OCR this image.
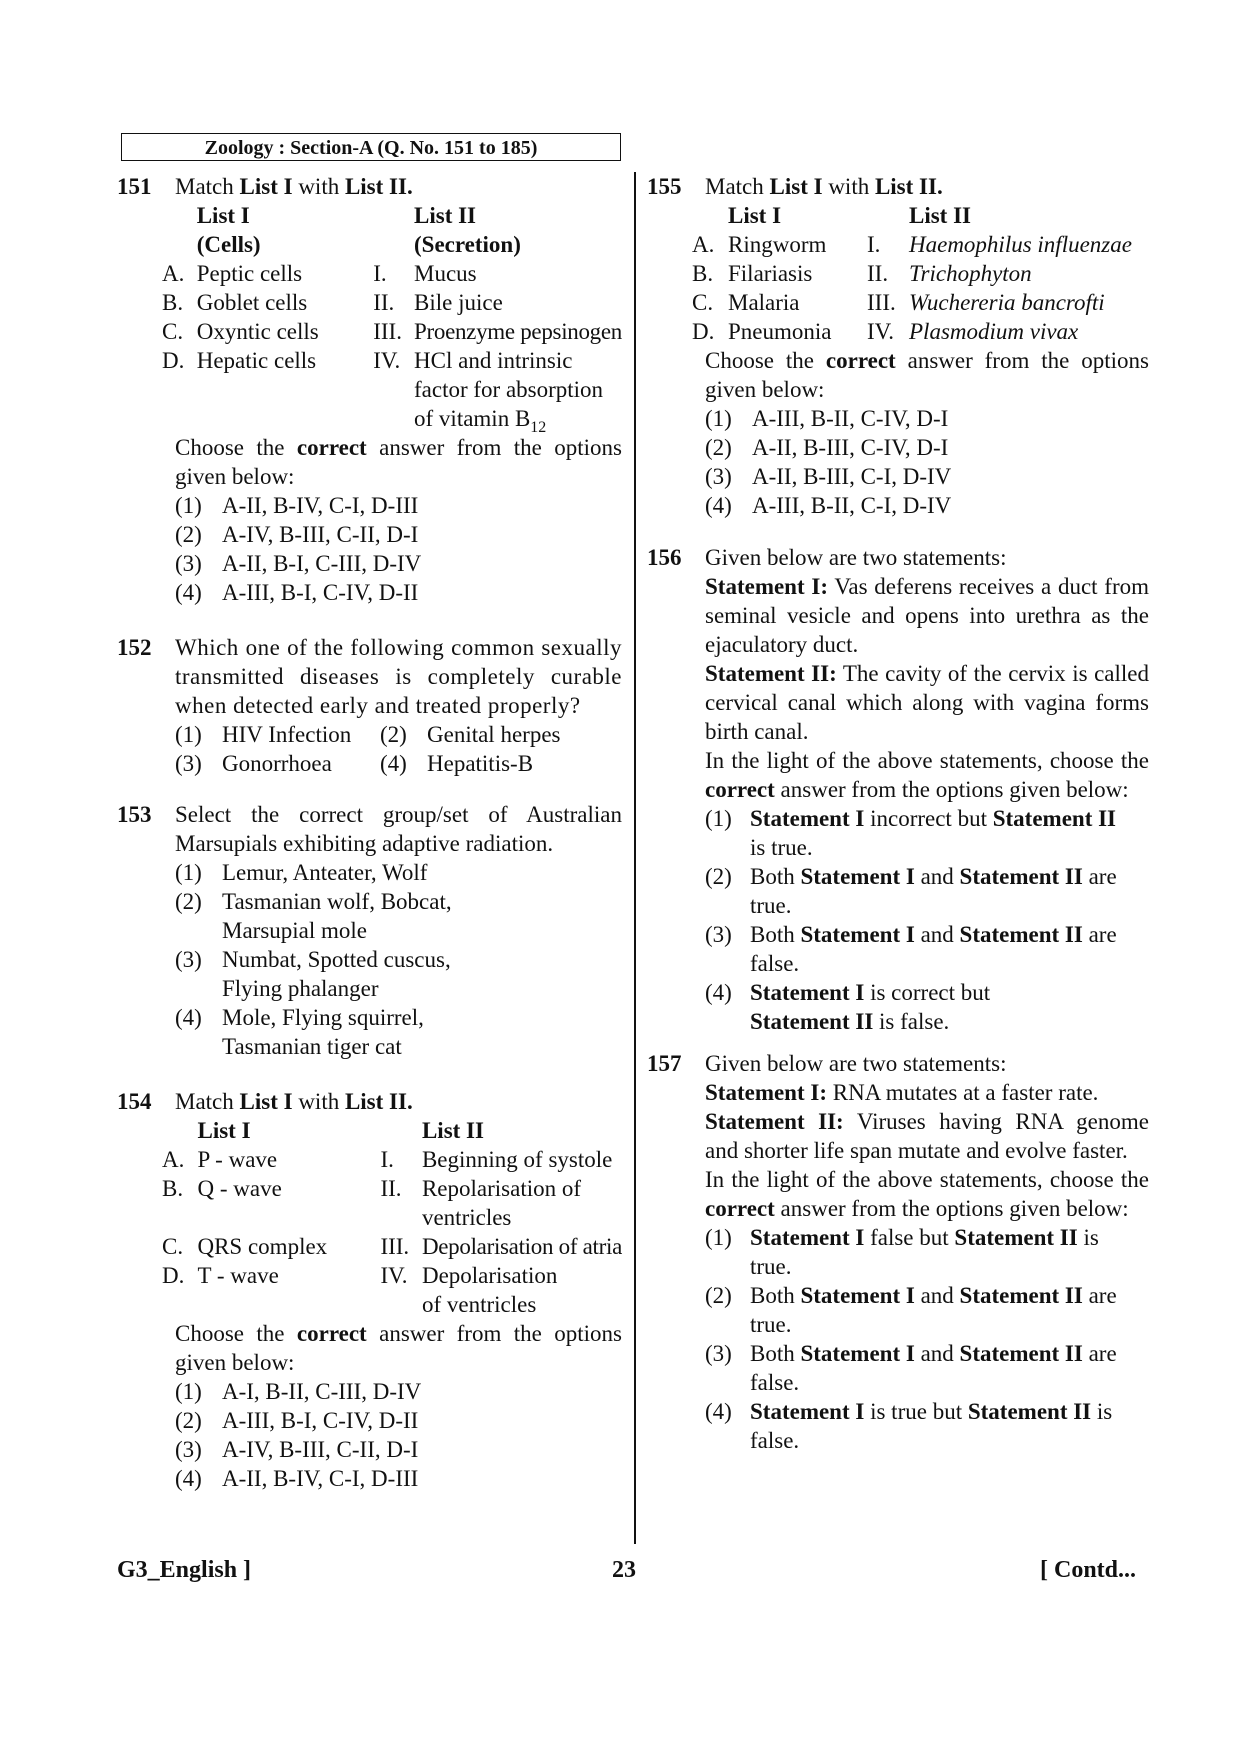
Zoology : Section-A (Q. No. 151 to 185)
151 Match List I with List II.
	List I		List II
	(Cells)		(Secretion)
A.	Peptic cells	I.	Mucus
B.	Goblet cells	II.	Bile juice
C.	Oxyntic cells	III.	Proenzyme pepsinogen
D.	Hepatic cells	IV.	HCl and intrinsic factor for absorption of vitamin $B_{12}$
Choose the correct answer from the options given below:
(1) A-II, B-IV, C-I, D-III
(2) A-IV, B-III, C-II, D-I
(3) A-II, B-I, C-III, D-IV
(4) A-III, B-I, C-IV, D-II
152 Which one of the following common sexually transmitted diseases is completely curable when detected early and treated properly?
(1) HIV Infection	(2) Genital herpes
(3) Gonorrhoea	(4) Hepatitis-B
153 Select the correct group/set of Australian Marsupials exhibiting adaptive radiation.
(1) Lemur, Anteater, Wolf
(2) Tasmanian wolf, Bobcat, Marsupial mole
(3) Numbat, Spotted cuscus, Flying phalanger
(4) Mole, Flying squirrel, Tasmanian tiger cat
154 Match List I with List II.
	List I		List II
A.	P - wave	I.	Beginning of systole
B.	Q - wave	II.	Repolarisation of ventricles
C.	QRS complex	III.	Depolarisation of atria
D.	T - wave	IV.	Depolarisation of ventricles
Choose the correct answer from the options given below:
(1) A-I, B-II, C-III, D-IV
(2) A-III, B-I, C-IV, D-II
(3) A-IV, B-III, C-II, D-I
(4) A-II, B-IV, C-I, D-III
155 Match List I with List II.
	List I		List II
A.	Ringworm	I.	Haemophilus influenzae
B.	Filariasis	II.	Trichophyton
C.	Malaria	III.	Wuchereria bancrofti
D.	Pneumonia	IV.	Plasmodium vivax
Choose the correct answer from the options given below:
(1) A-III, B-II, C-IV, D-I
(2) A-II, B-III, C-IV, D-I
(3) A-II, B-III, C-I, D-IV
(4) A-III, B-II, C-I, D-IV
156 Given below are two statements:
Statement I: Vas deferens receives a duct from seminal vesicle and opens into urethra as the ejaculatory duct.
Statement II: The cavity of the cervix is called cervical canal which along with vagina forms birth canal.
In the light of the above statements, choose the correct answer from the options given below:
(1) Statement I incorrect but Statement II is true.
(2) Both Statement I and Statement II are true.
(3) Both Statement I and Statement II are false.
(4) Statement I is correct but Statement II is false.
157 Given below are two statements:
Statement I: RNA mutates at a faster rate.
Statement II: Viruses having RNA genome and shorter life span mutate and evolve faster.
In the light of the above statements, choose the correct answer from the options given below:
(1) Statement I false but Statement II is true.
(2) Both Statement I and Statement II are true.
(3) Both Statement I and Statement II are false.
(4) Statement I is true but Statement II is false.
G3_English ]	23	[ Contd...
